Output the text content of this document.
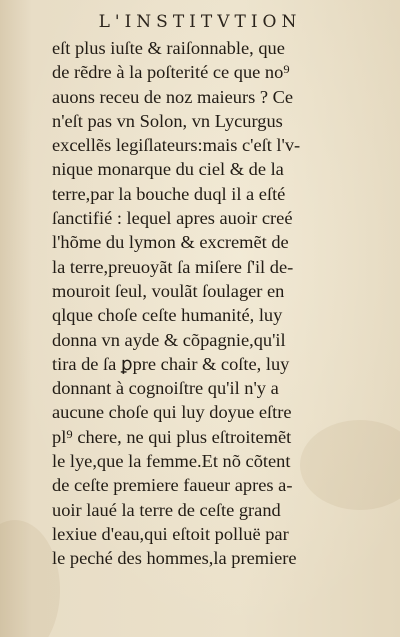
L'INSTITVTION
eſt plus iuſte & raiſonnable, que
de rẽdre à la poſterité ce que no⁹
auons receu de noz maieurs ? Ce
n'eſt pas vn Solon, vn Lycurgus
excellẽs legiſlateurs:mais c'eſt l'v-
nique monarque du ciel & de la
terre,par la bouche duql il a eſté
ſanctifié : lequel apres auoir creé
l'hõme du lymon & excremẽt de
la terre,preuoyãt ſa miſere ſ'il de-
mouroit ſeul, voulãt ſoulager en
qlque choſe ceſte humanité, luy
donna vn ayde & cõpagnie,qu'il
tira de ſa ꝑpre chair & coſte, luy
donnant à cognoiſtre qu'il n'y a
aucune choſe qui luy doyue eſtre
pl⁹ chere, ne qui plus eſtroitemẽt
le lye,que la femme.Et nõ cõtent
de ceſte premiere faueur apres a-
uoir laué la terre de ceſte grand
lexiue d'eau,qui eſtoit polluë par
le peché des hommes,la premiere
